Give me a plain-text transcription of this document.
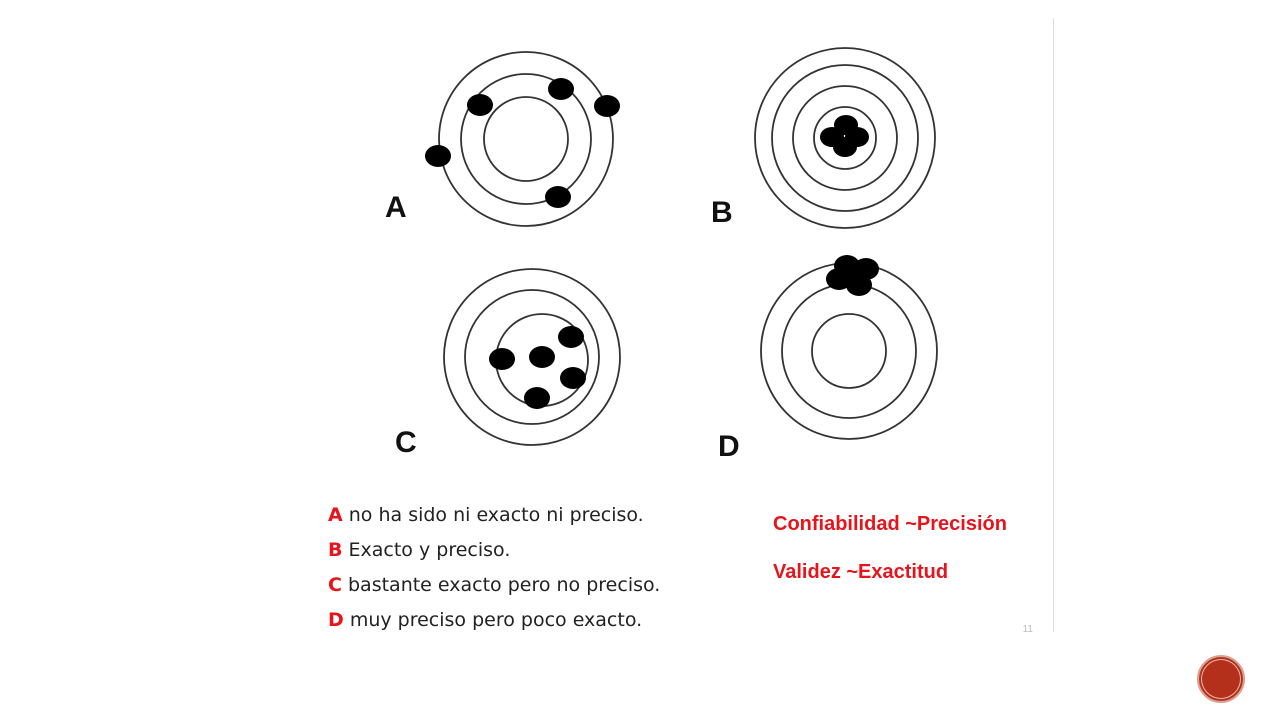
A	B
C	D
A no ha sido ni exacto ni preciso.
B Exacto y preciso.
C bastante exacto pero no preciso.
D muy preciso pero poco exacto.
Confiabilidad ~Precisión
Validez ~Exactitud
11
